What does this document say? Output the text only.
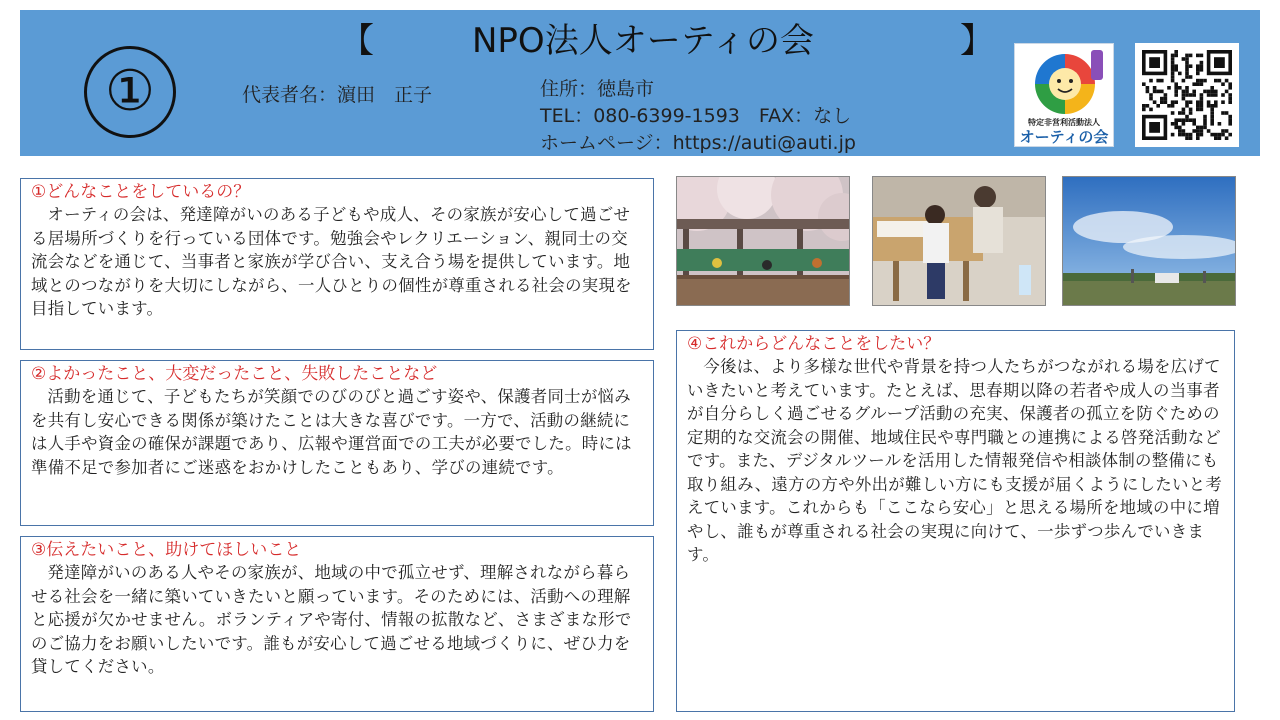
①
【	NPO法人オーティの会	】
代表者名：濵田　正子	住所：徳島市
TEL：080-6399-1593　FAX：なし
ホームページ：https://auti@auti.jp
特定非営利活動法人
オーティの会
①どんなことをしているの？
オーティの会は、発達障がいのある子どもや成人、その家族が安心して過ごせる居場所づくりを行っている団体です。勉強会やレクリエーション、親同士の交流会などを通じて、当事者と家族が学び合い、支え合う場を提供しています。地域とのつながりを大切にしながら、一人ひとりの個性が尊重される社会の実現を目指しています。
②よかったこと、大変だったこと、失敗したことなど
活動を通じて、子どもたちが笑顔でのびのびと過ごす姿や、保護者同士が悩みを共有し安心できる関係が築けたことは大きな喜びです。一方で、活動の継続には人手や資金の確保が課題であり、広報や運営面での工夫が必要でした。時には準備不足で参加者にご迷惑をおかけしたこともあり、学びの連続です。
③伝えたいこと、助けてほしいこと
発達障がいのある人やその家族が、地域の中で孤立せず、理解されながら暮らせる社会を一緒に築いていきたいと願っています。そのためには、活動への理解と応援が欠かせません。ボランティアや寄付、情報の拡散など、さまざまな形でのご協力をお願いしたいです。誰もが安心して過ごせる地域づくりに、ぜひ力を貸してください。
④これからどんなことをしたい？
今後は、より多様な世代や背景を持つ人たちがつながれる場を広げていきたいと考えています。たとえば、思春期以降の若者や成人の当事者が自分らしく過ごせるグループ活動の充実、保護者の孤立を防ぐための定期的な交流会の開催、地域住民や専門職との連携による啓発活動などです。また、デジタルツールを活用した情報発信や相談体制の整備にも取り組み、遠方の方や外出が難しい方にも支援が届くようにしたいと考えています。これからも「ここなら安心」と思える場所を地域の中に増やし、誰もが尊重される社会の実現に向けて、一歩ずつ歩んでいきます。
